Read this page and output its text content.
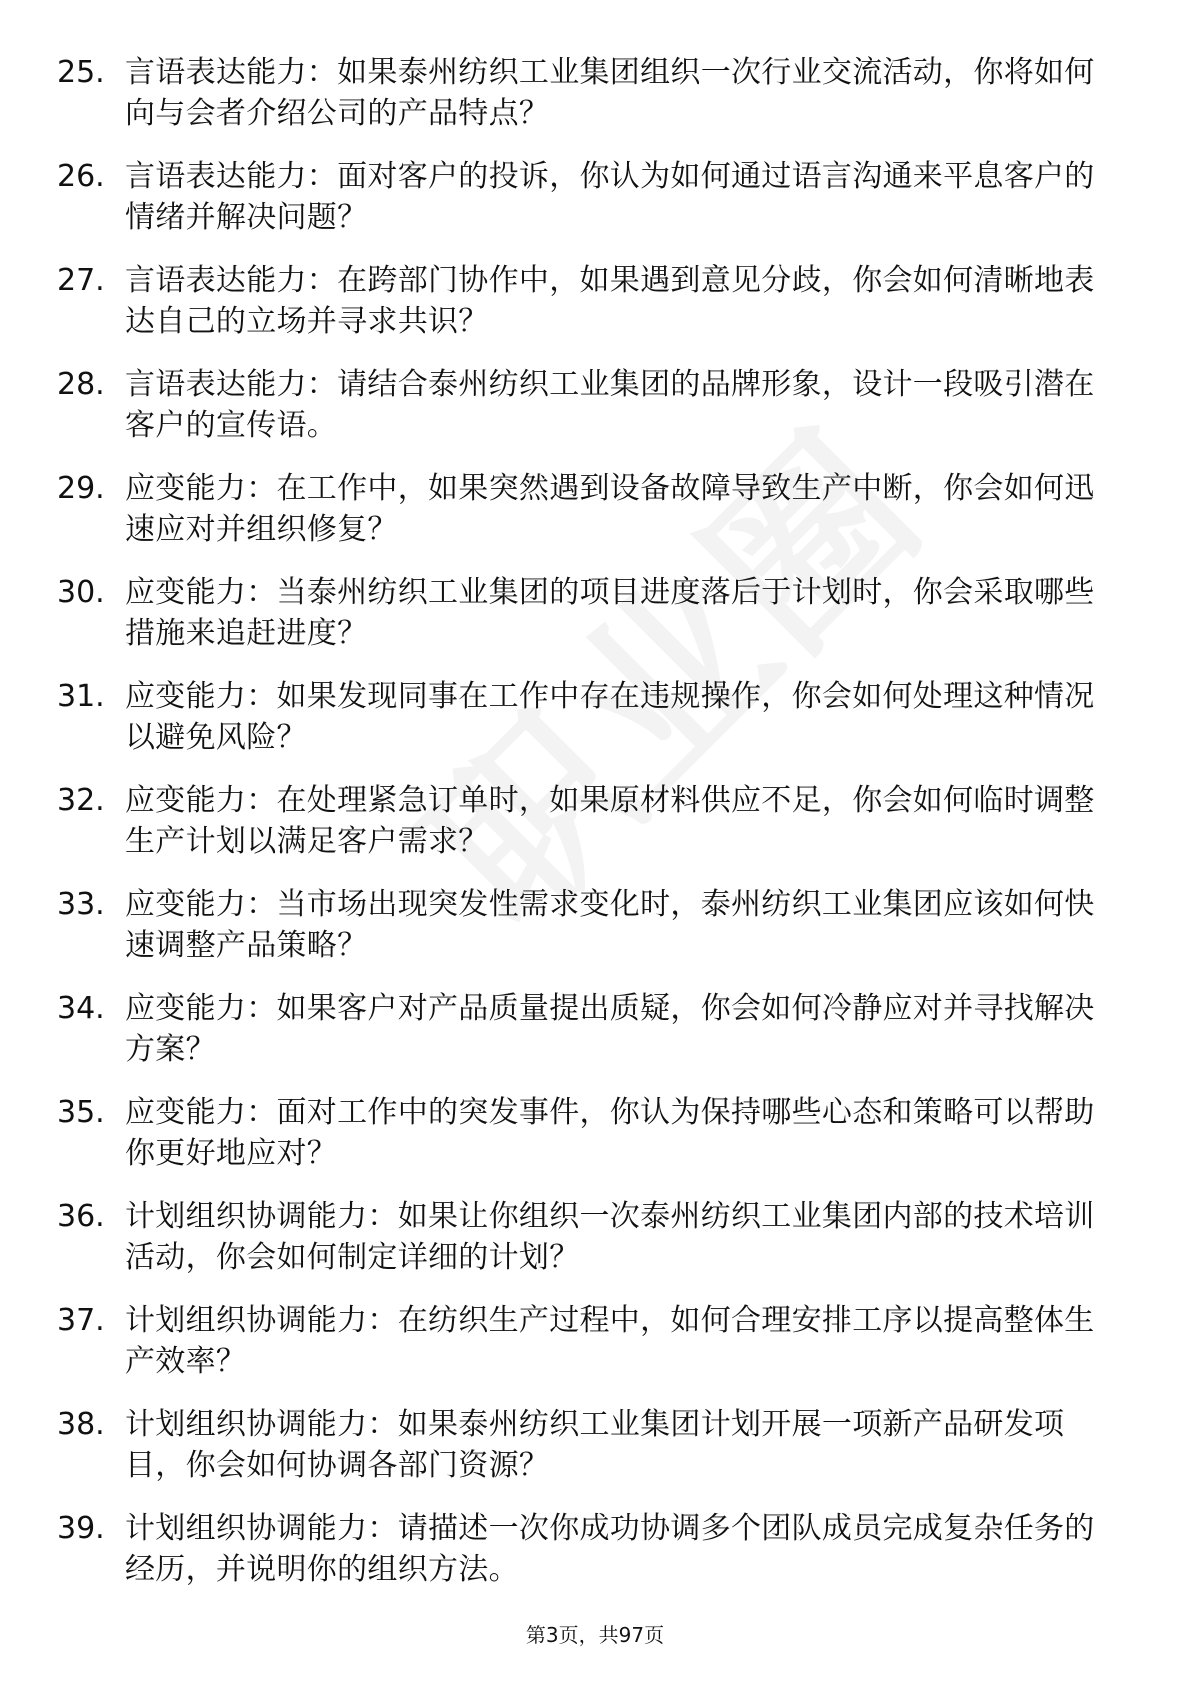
25. 言语表达能力：如果泰州纺织工业集团组织一次行业交流活动，你将如何向与会者介绍公司的产品特点？
26. 言语表达能力：面对客户的投诉，你认为如何通过语言沟通来平息客户的情绪并解决问题？
27. 言语表达能力：在跨部门协作中，如果遇到意见分歧，你会如何清晰地表达自己的立场并寻求共识？
28. 言语表达能力：请结合泰州纺织工业集团的品牌形象，设计一段吸引潜在客户的宣传语。
29. 应变能力：在工作中，如果突然遇到设备故障导致生产中断，你会如何迅速应对并组织修复？
30. 应变能力：当泰州纺织工业集团的项目进度落后于计划时，你会采取哪些措施来追赶进度？
31. 应变能力：如果发现同事在工作中存在违规操作，你会如何处理这种情况以避免风险？
32. 应变能力：在处理紧急订单时，如果原材料供应不足，你会如何临时调整生产计划以满足客户需求？
33. 应变能力：当市场出现突发性需求变化时，泰州纺织工业集团应该如何快速调整产品策略？
34. 应变能力：如果客户对产品质量提出质疑，你会如何冷静应对并寻找解决方案？
35. 应变能力：面对工作中的突发事件，你认为保持哪些心态和策略可以帮助你更好地应对？
36. 计划组织协调能力：如果让你组织一次泰州纺织工业集团内部的技术培训活动，你会如何制定详细的计划？
37. 计划组织协调能力：在纺织生产过程中，如何合理安排工序以提高整体生产效率？
38. 计划组织协调能力：如果泰州纺织工业集团计划开展一项新产品研发项目，你会如何协调各部门资源？
39. 计划组织协调能力：请描述一次你成功协调多个团队成员完成复杂任务的经历，并说明你的组织方法。
第3页，共97页
